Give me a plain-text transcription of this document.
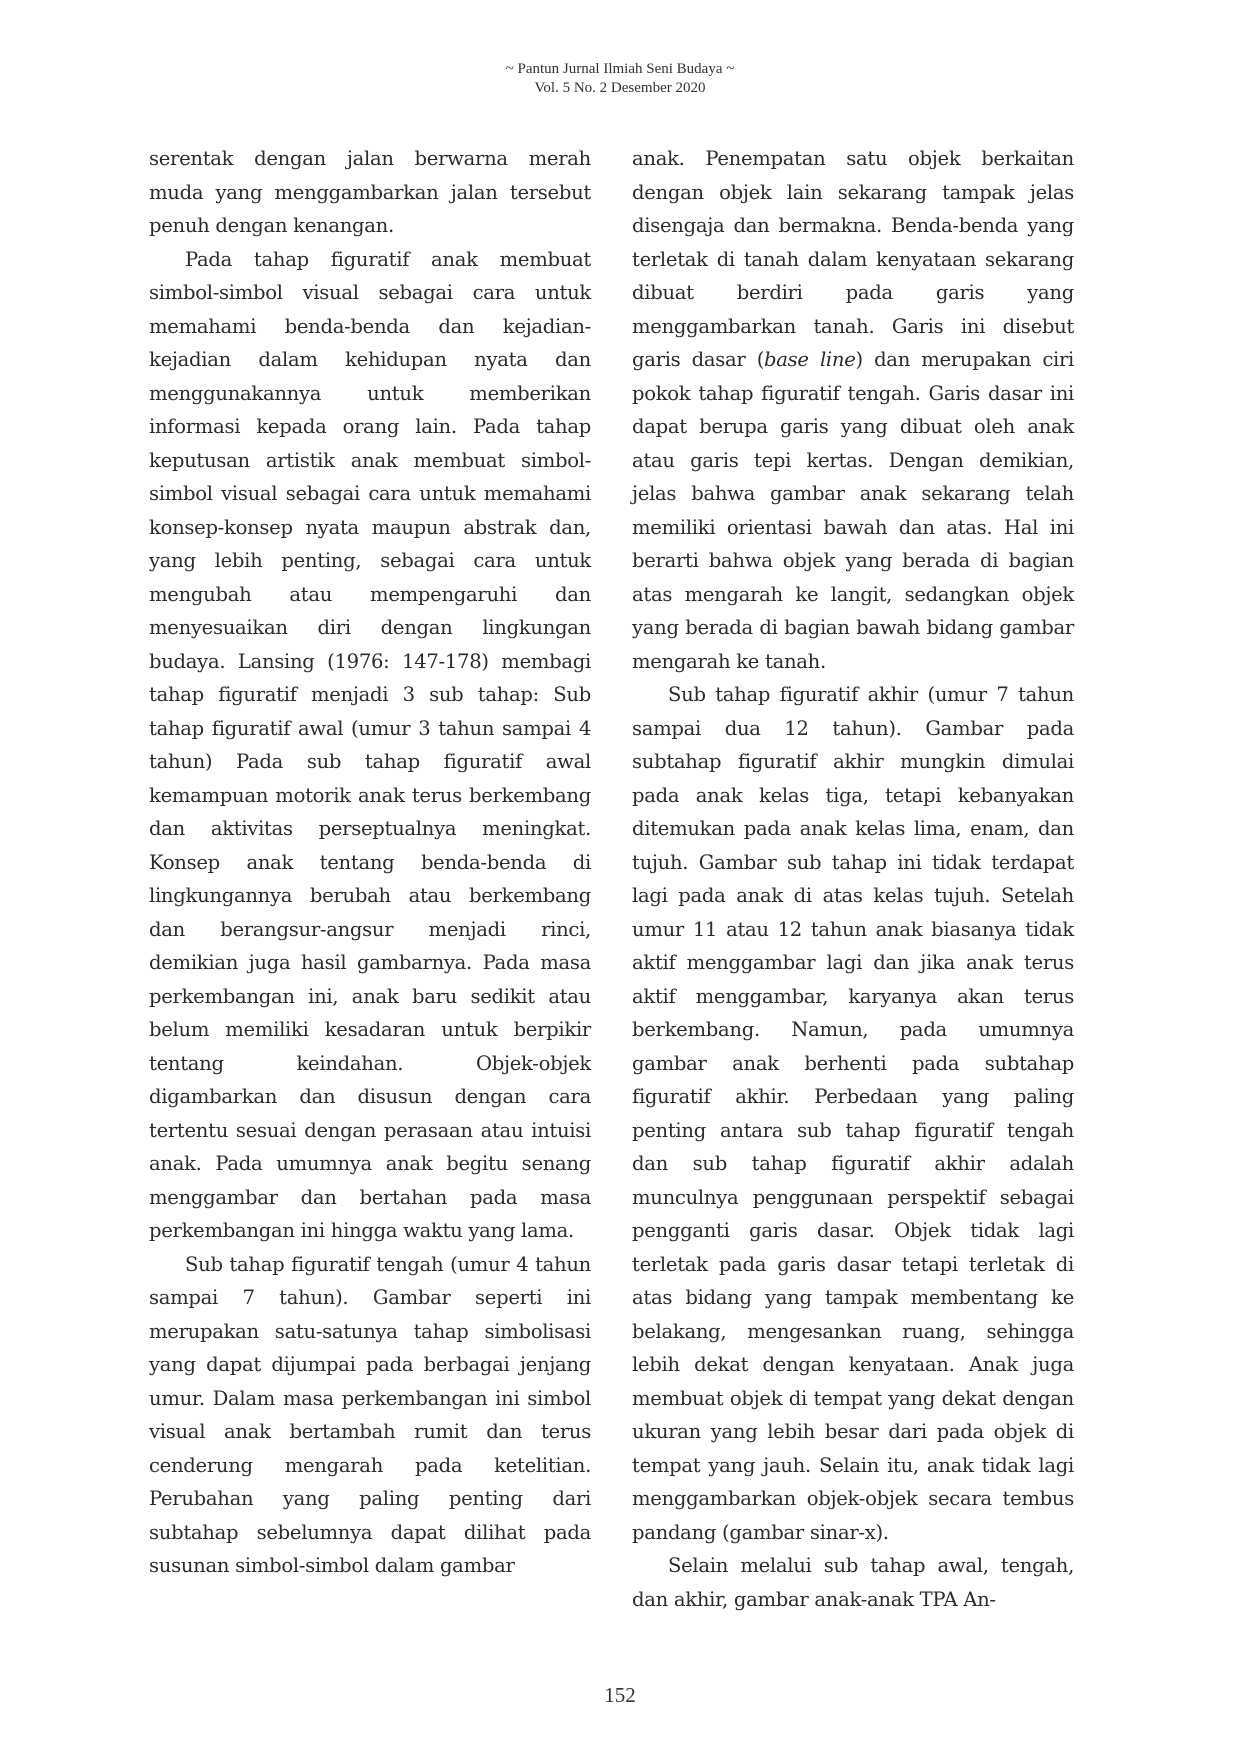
~ Pantun Jurnal Ilmiah Seni Budaya ~
Vol. 5 No. 2 Desember 2020

serentak dengan jalan berwarna merah muda yang menggambarkan jalan tersebut penuh dengan kenangan.

Pada tahap figuratif anak membuat simbol-simbol visual sebagai cara untuk memahami benda-benda dan kejadian-kejadian dalam kehidupan nyata dan menggunakannya untuk memberikan informasi kepada orang lain. Pada tahap keputusan artistik anak membuat simbol-simbol visual sebagai cara untuk memahami konsep-konsep nyata maupun abstrak dan, yang lebih penting, sebagai cara untuk mengubah atau mempengaruhi dan menyesuaikan diri dengan lingkungan budaya. Lansing (1976: 147-178) membagi tahap figuratif menjadi 3 sub tahap: Sub tahap figuratif awal (umur 3 tahun sampai 4 tahun) Pada sub tahap figuratif awal kemampuan motorik anak terus berkembang dan aktivitas perseptualnya meningkat. Konsep anak tentang benda-benda di lingkungannya berubah atau berkembang dan berangsur-angsur menjadi rinci, demikian juga hasil gambarnya. Pada masa perkembangan ini, anak baru sedikit atau belum memiliki kesadaran untuk berpikir tentang keindahan. Objek-objek digambarkan dan disusun dengan cara tertentu sesuai dengan perasaan atau intuisi anak. Pada umumnya anak begitu senang menggambar dan bertahan pada masa perkembangan ini hingga waktu yang lama.

Sub tahap figuratif tengah (umur 4 tahun sampai 7 tahun). Gambar seperti ini merupakan satu-satunya tahap simbolisasi yang dapat dijumpai pada berbagai jenjang umur. Dalam masa perkembangan ini simbol visual anak bertambah rumit dan terus cenderung mengarah pada ketelitian. Perubahan yang paling penting dari subtahap sebelumnya dapat dilihat pada susunan simbol-simbol dalam gambar

anak. Penempatan satu objek berkaitan dengan objek lain sekarang tampak jelas disengaja dan bermakna. Benda-benda yang terletak di tanah dalam kenyataan sekarang dibuat berdiri pada garis yang menggambarkan tanah. Garis ini disebut garis dasar (base line) dan merupakan ciri pokok tahap figuratif tengah. Garis dasar ini dapat berupa garis yang dibuat oleh anak atau garis tepi kertas. Dengan demikian, jelas bahwa gambar anak sekarang telah memiliki orientasi bawah dan atas. Hal ini berarti bahwa objek yang berada di bagian atas mengarah ke langit, sedangkan objek yang berada di bagian bawah bidang gambar mengarah ke tanah.

Sub tahap figuratif akhir (umur 7 tahun sampai dua 12 tahun). Gambar pada subtahap figuratif akhir mungkin dimulai pada anak kelas tiga, tetapi kebanyakan ditemukan pada anak kelas lima, enam, dan tujuh. Gambar sub tahap ini tidak terdapat lagi pada anak di atas kelas tujuh. Setelah umur 11 atau 12 tahun anak biasanya tidak aktif menggambar lagi dan jika anak terus aktif menggambar, karyanya akan terus berkembang. Namun, pada umumnya gambar anak berhenti pada subtahap figuratif akhir. Perbedaan yang paling penting antara sub tahap figuratif tengah dan sub tahap figuratif akhir adalah munculnya penggunaan perspektif sebagai pengganti garis dasar. Objek tidak lagi terletak pada garis dasar tetapi terletak di atas bidang yang tampak membentang ke belakang, mengesankan ruang, sehingga lebih dekat dengan kenyataan. Anak juga membuat objek di tempat yang dekat dengan ukuran yang lebih besar dari pada objek di tempat yang jauh. Selain itu, anak tidak lagi menggambarkan objek-objek secara tembus pandang (gambar sinar-x).

Selain melalui sub tahap awal, tengah, dan akhir, gambar anak-anak TPA An-

152
